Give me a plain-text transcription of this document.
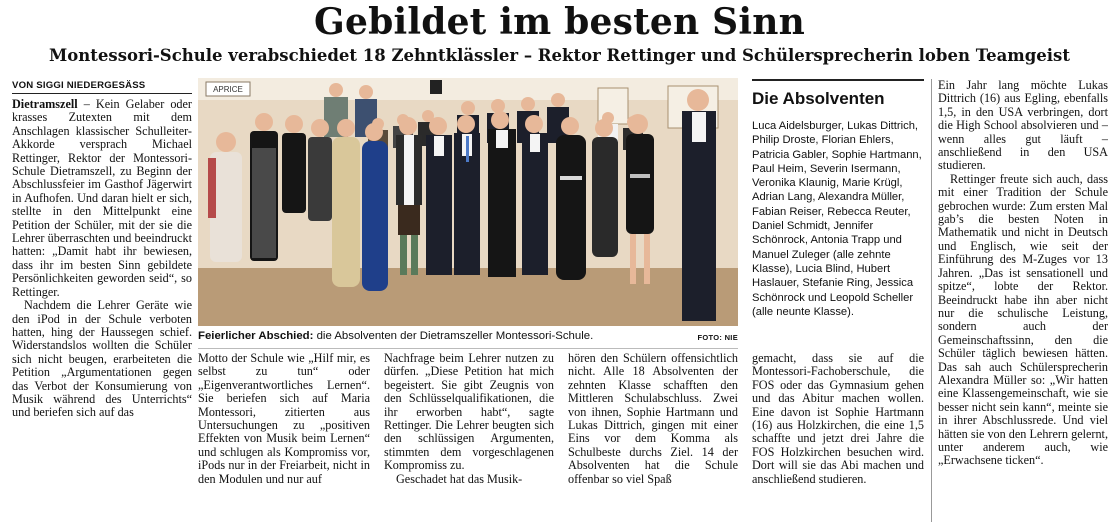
Gebildet im besten Sinn
Montessori-Schule verabschiedet 18 Zehntklässler – Rektor Rettinger und Schülersprecherin loben Teamgeist
VON SIGGI NIEDERGESÄSS

Dietramszell – Kein Gelaber oder krasses Zutexten mit dem Anschlagen klassischer Schulleiter-Akkorde versprach Michael Rettinger, Rektor der Montessori-Schule Dietramszell, zu Beginn der Abschlussfeier im Gasthof Jägerwirt in Aufhofen. Und daran hielt er sich, stellte in den Mittelpunkt eine Petition der Schüler, mit der sie die Lehrer überraschten und beeindruckt hatten: „Damit habt ihr bewiesen, dass ihr im besten Sinn gebildete Persönlichkeiten geworden seid“, so Rettinger.

Nachdem die Lehrer Geräte wie den iPod in der Schule verboten hatten, hing der Haussegen schief. Widerstandslos wollten die Schüler sich nicht beugen, erarbeiteten die Petition „Argumentationen gegen das Verbot der Konsumierung von Musik während des Unterrichts“ und beriefen sich auf das

APRICE
Feierlicher Abschied: die Absolventen der Dietramszeller Montessori-Schule.	FOTO: NIE
Die Absolventen
Luca Aidelsburger, Lukas Dittrich, Philip Droste, Florian Ehlers, Patricia Gabler, Sophie Hartmann, Paul Heim, Severin Isermann, Veronika Klaunig, Marie Krügl, Adrian Lang, Alexandra Müller, Fabian Reiser, Rebecca Reuter, Daniel Schmidt, Jennifer Schönrock, Antonia Trapp und Manuel Zuleger (alle zehnte Klasse), Lucia Blind, Hubert Haslauer, Stefanie Ring, Jessica Schönrock und Leopold Scheller (alle neunte Klasse).

Motto der Schule wie „Hilf mir, es selbst zu tun“ oder „Eigenverantwortliches Lernen“. Sie beriefen sich auf Maria Montessori, zitierten aus Untersuchungen zu „positiven Effekten von Musik beim Lernen“ und schlugen als Kompromiss vor, iPods nur in der Freiarbeit, nicht in den Modulen und nur auf

Nachfrage beim Lehrer nutzen zu dürfen. „Diese Petition hat mich begeistert. Sie gibt Zeugnis von den Schlüsselqualifikationen, die ihr erworben habt“, sagte Rettinger. Die Lehrer beugten sich den schlüssigen Argumenten, stimmten dem vorgeschlagenen Kompromiss zu.

Geschadet hat das Musik-

hören den Schülern offensichtlich nicht. Alle 18 Absolventen der zehnten Klasse schafften den Mittleren Schulabschluss. Zwei von ihnen, Sophie Hartmann und Lukas Dittrich, gingen mit einer Eins vor dem Komma als Schulbeste durchs Ziel. 14 der Absolventen hat die Schule offenbar so viel Spaß

gemacht, dass sie auf die Montessori-Fachoberschule, die FOS oder das Gymnasium gehen und das Abitur machen wollen. Eine davon ist Sophie Hartmann (16) aus Holzkirchen, die eine 1,5 schaffte und jetzt drei Jahre die FOS Holzkirchen besuchen wird. Dort will sie das Abi machen und anschließend studieren.

Ein Jahr lang möchte Lukas Dittrich (16) aus Egling, ebenfalls 1,5, in den USA verbringen, dort die High School absolvieren und – wenn alles gut läuft – anschließend in den USA studieren.

Rettinger freute sich auch, dass mit einer Tradition der Schule gebrochen wurde: Zum ersten Mal gab’s die besten Noten in Mathematik und nicht in Deutsch und Englisch, wie seit der Einführung des M-Zuges vor 13 Jahren. „Das ist sensationell und spitze“, lobte der Rektor. Beeindruckt habe ihn aber nicht nur die schulische Leistung, sondern auch der Gemeinschaftssinn, den die Schüler täglich bewiesen hätten. Das sah auch Schülersprecherin Alexandra Müller so: „Wir hatten eine Klassengemeinschaft, wie sie besser nicht sein kann“, meinte sie in ihrer Abschlussrede. Und viel hätten sie von den Lehrern gelernt, unter anderem auch, wie „Erwachsene ticken“.
